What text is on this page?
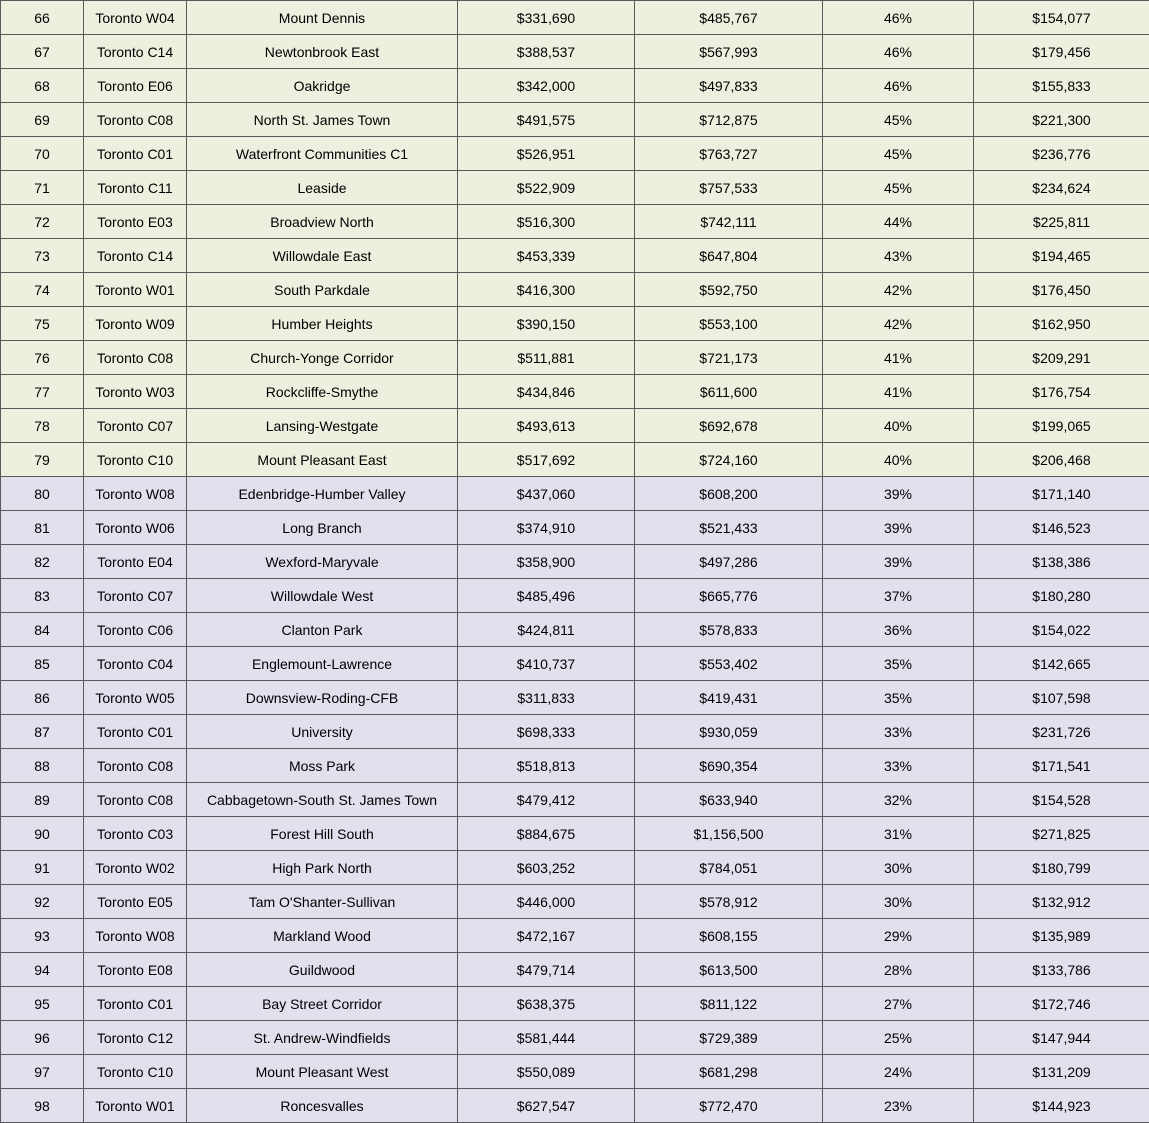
66	Toronto W04	Mount Dennis	$331,690	$485,767	46%	$154,077
67	Toronto C14	Newtonbrook East	$388,537	$567,993	46%	$179,456
68	Toronto E06	Oakridge	$342,000	$497,833	46%	$155,833
69	Toronto C08	North St. James Town	$491,575	$712,875	45%	$221,300
70	Toronto C01	Waterfront Communities C1	$526,951	$763,727	45%	$236,776
71	Toronto C11	Leaside	$522,909	$757,533	45%	$234,624
72	Toronto E03	Broadview North	$516,300	$742,111	44%	$225,811
73	Toronto C14	Willowdale East	$453,339	$647,804	43%	$194,465
74	Toronto W01	South Parkdale	$416,300	$592,750	42%	$176,450
75	Toronto W09	Humber Heights	$390,150	$553,100	42%	$162,950
76	Toronto C08	Church-Yonge Corridor	$511,881	$721,173	41%	$209,291
77	Toronto W03	Rockcliffe-Smythe	$434,846	$611,600	41%	$176,754
78	Toronto C07	Lansing-Westgate	$493,613	$692,678	40%	$199,065
79	Toronto C10	Mount Pleasant East	$517,692	$724,160	40%	$206,468
80	Toronto W08	Edenbridge-Humber Valley	$437,060	$608,200	39%	$171,140
81	Toronto W06	Long Branch	$374,910	$521,433	39%	$146,523
82	Toronto E04	Wexford-Maryvale	$358,900	$497,286	39%	$138,386
83	Toronto C07	Willowdale West	$485,496	$665,776	37%	$180,280
84	Toronto C06	Clanton Park	$424,811	$578,833	36%	$154,022
85	Toronto C04	Englemount-Lawrence	$410,737	$553,402	35%	$142,665
86	Toronto W05	Downsview-Roding-CFB	$311,833	$419,431	35%	$107,598
87	Toronto C01	University	$698,333	$930,059	33%	$231,726
88	Toronto C08	Moss Park	$518,813	$690,354	33%	$171,541
89	Toronto C08	Cabbagetown-South St. James Town	$479,412	$633,940	32%	$154,528
90	Toronto C03	Forest Hill South	$884,675	$1,156,500	31%	$271,825
91	Toronto W02	High Park North	$603,252	$784,051	30%	$180,799
92	Toronto E05	Tam O'Shanter-Sullivan	$446,000	$578,912	30%	$132,912
93	Toronto W08	Markland Wood	$472,167	$608,155	29%	$135,989
94	Toronto E08	Guildwood	$479,714	$613,500	28%	$133,786
95	Toronto C01	Bay Street Corridor	$638,375	$811,122	27%	$172,746
96	Toronto C12	St. Andrew-Windfields	$581,444	$729,389	25%	$147,944
97	Toronto C10	Mount Pleasant West	$550,089	$681,298	24%	$131,209
98	Toronto W01	Roncesvalles	$627,547	$772,470	23%	$144,923
